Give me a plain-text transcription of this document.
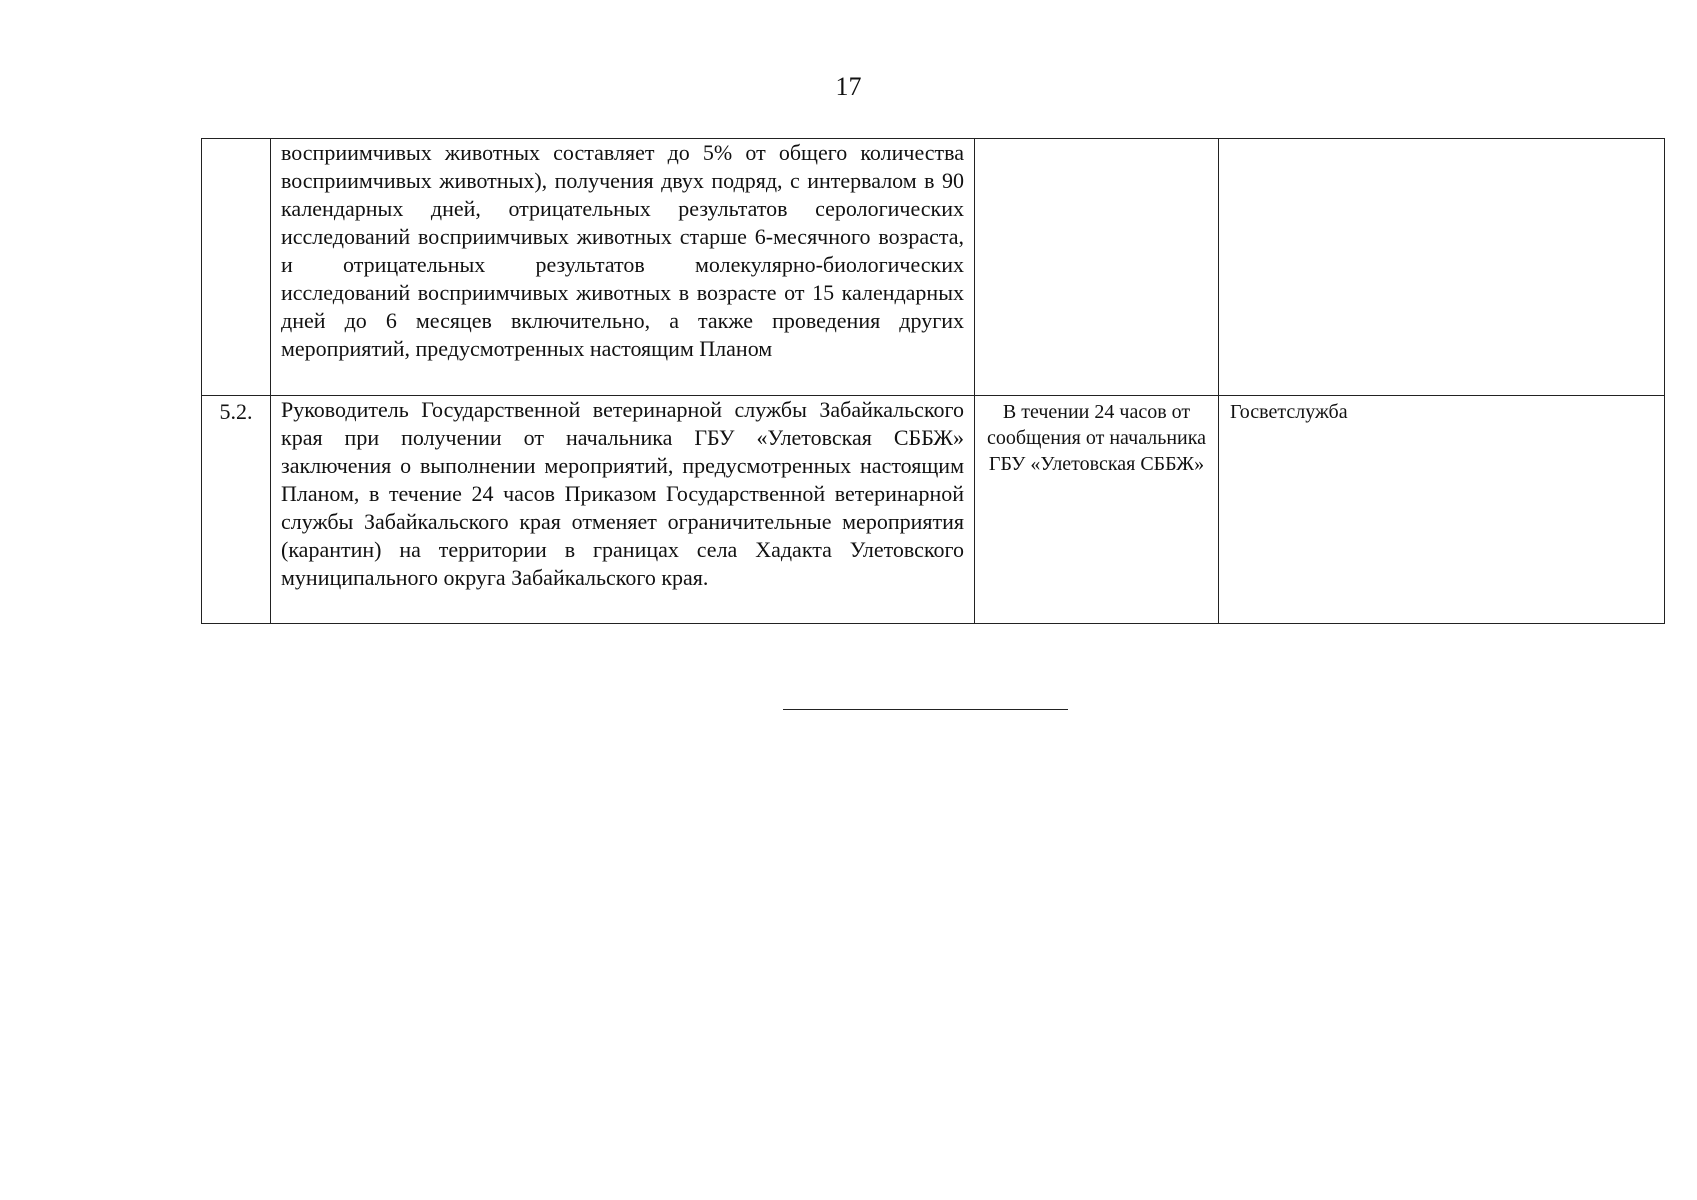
17

	восприимчивых животных составляет до 5% от общего количества восприимчивых животных), получения двух подряд, с интервалом в 90 календарных дней, отрицательных результатов серологических исследований восприимчивых животных старше 6-месячного возраста, и отрицательных результатов молекулярно-биологических исследований восприимчивых животных в возрасте от 15 календарных дней до 6 месяцев включительно, а также проведения других мероприятий, предусмотренных настоящим Планом		

5.2.	Руководитель Государственной ветеринарной службы Забайкальского края при получении от начальника ГБУ «Улетовская СББЖ» заключения о выполнении мероприятий, предусмотренных настоящим Планом, в течение 24 часов Приказом Государственной ветеринарной службы Забайкальского края отменяет ограничительные мероприятия (карантин) на территории в границах села Хадакта Улетовского муниципального округа Забайкальского края.	В течении 24 часов от сообщения от начальника ГБУ «Улетовская СББЖ»	Госветслужба
